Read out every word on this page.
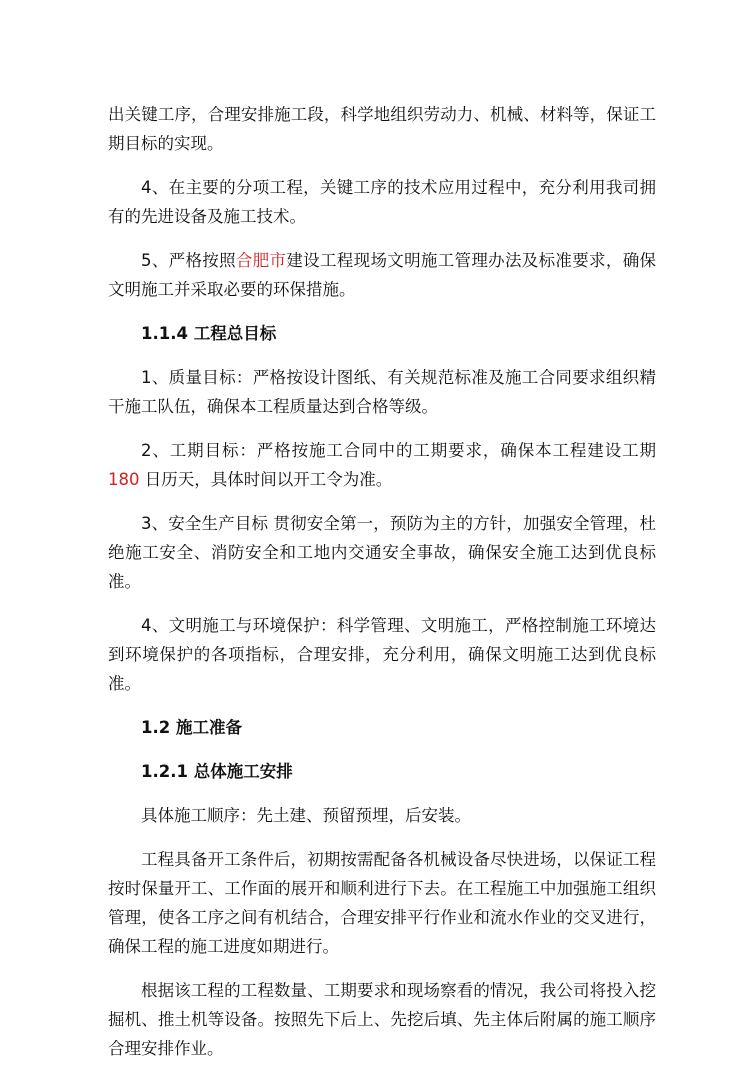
出关键工序，合理安排施工段，科学地组织劳动力、机械、材料等，保证工期目标的实现。

4、在主要的分项工程，关键工序的技术应用过程中，充分利用我司拥有的先进设备及施工技术。

5、严格按照合肥市建设工程现场文明施工管理办法及标准要求，确保文明施工并采取必要的环保措施。

1.1.4 工程总目标

1、质量目标：严格按设计图纸、有关规范标准及施工合同要求组织精干施工队伍，确保本工程质量达到合格等级。

2、工期目标：严格按施工合同中的工期要求，确保本工程建设工期180 日历天，具体时间以开工令为准。

3、安全生产目标 贯彻安全第一，预防为主的方针，加强安全管理，杜绝施工安全、消防安全和工地内交通安全事故，确保安全施工达到优良标准。

4、文明施工与环境保护：科学管理、文明施工，严格控制施工环境达到环境保护的各项指标，合理安排，充分利用，确保文明施工达到优良标准。

1.2 施工准备
1.2.1 总体施工安排

具体施工顺序：先土建、预留预埋，后安装。

工程具备开工条件后，初期按需配备各机械设备尽快进场，以保证工程按时保量开工、工作面的展开和顺利进行下去。在工程施工中加强施工组织管理，使各工序之间有机结合，合理安排平行作业和流水作业的交叉进行，确保工程的施工进度如期进行。

根据该工程的工程数量、工期要求和现场察看的情况，我公司将投入挖掘机、推土机等设备。按照先下后上、先挖后填、先主体后附属的施工顺序合理安排作业。
